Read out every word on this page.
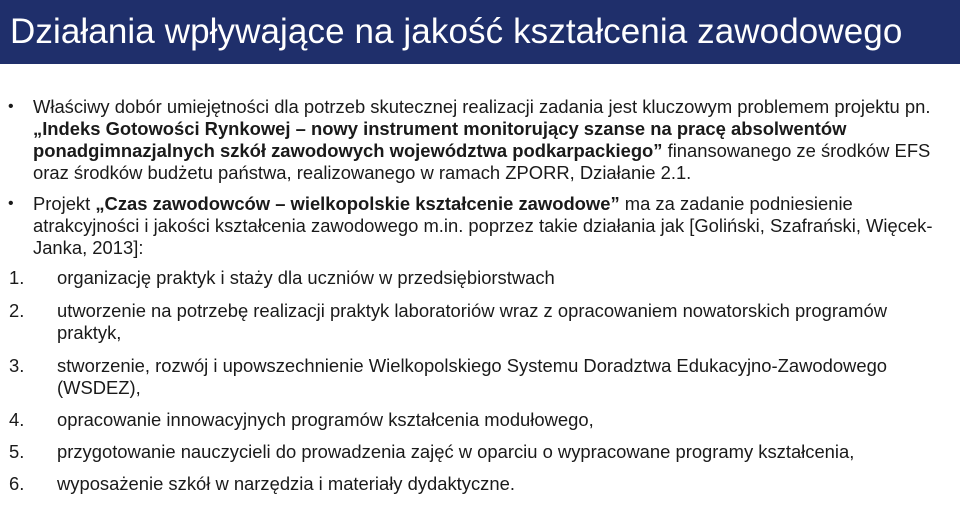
Działania wpływające na jakość kształcenia zawodowego
• Właściwy dobór umiejętności dla potrzeb skutecznej realizacji zadania jest kluczowym problemem projektu pn. „Indeks Gotowości Rynkowej – nowy instrument monitorujący szanse na pracę absolwentów ponadgimnazjalnych szkół zawodowych województwa podkarpackiego” finansowanego ze środków EFS oraz środków budżetu państwa, realizowanego w ramach ZPORR, Działanie 2.1.
• Projekt „Czas zawodowców – wielkopolskie kształcenie zawodowe” ma za zadanie podniesienie atrakcyjności i jakości kształcenia zawodowego m.in. poprzez takie działania jak [Goliński, Szafrański, Więcek-Janka, 2013]:
1. organizację praktyk i staży dla uczniów w przedsiębiorstwach
2. utworzenie na potrzebę realizacji praktyk laboratoriów wraz z opracowaniem nowatorskich programów praktyk,
3. stworzenie, rozwój i upowszechnienie Wielkopolskiego Systemu Doradztwa Edukacyjno-Zawodowego (WSDEZ),
4. opracowanie innowacyjnych programów kształcenia modułowego,
5. przygotowanie nauczycieli do prowadzenia zajęć w oparciu o wypracowane programy kształcenia,
6. wyposażenie szkół w narzędzia i materiały dydaktyczne.
